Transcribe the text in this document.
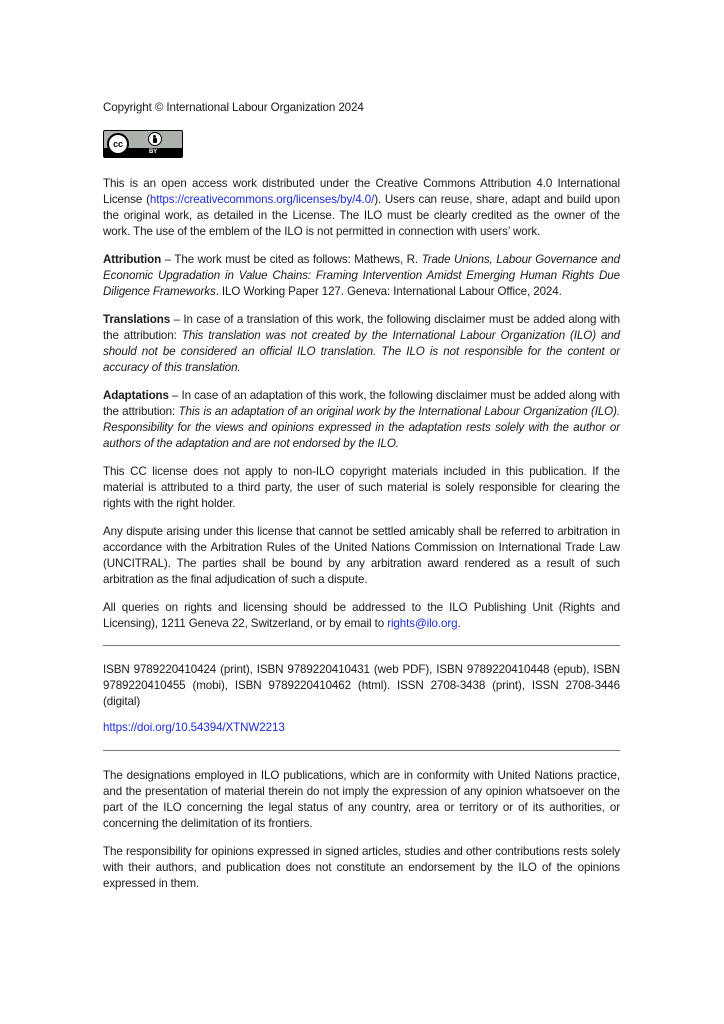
Copyright © International Labour Organization 2024

cc
BY

This is an open access work distributed under the Creative Commons Attribution 4.0 International License (https://creativecommons.org/licenses/by/4.0/). Users can reuse, share, adapt and build upon the original work, as detailed in the License. The ILO must be clearly credited as the owner of the work. The use of the emblem of the ILO is not permitted in connection with users’ work.

Attribution – The work must be cited as follows: Mathews, R. Trade Unions, Labour Governance and Economic Upgradation in Value Chains: Framing Intervention Amidst Emerging Human Rights Due Diligence Frameworks. ILO Working Paper 127. Geneva: International Labour Office, 2024.

Translations – In case of a translation of this work, the following disclaimer must be added along with the attribution: This translation was not created by the International Labour Organization (ILO) and should not be considered an official ILO translation. The ILO is not responsible for the content or accuracy of this translation.

Adaptations – In case of an adaptation of this work, the following disclaimer must be added along with the attribution: This is an adaptation of an original work by the International Labour Organization (ILO). Responsibility for the views and opinions expressed in the adaptation rests solely with the author or authors of the adaptation and are not endorsed by the ILO.

This CC license does not apply to non-ILO copyright materials included in this publication. If the material is attributed to a third party, the user of such material is solely responsible for clearing the rights with the right holder.

Any dispute arising under this license that cannot be settled amicably shall be referred to arbitration in accordance with the Arbitration Rules of the United Nations Commission on International Trade Law (UNCITRAL). The parties shall be bound by any arbitration award rendered as a result of such arbitration as the final adjudication of such a dispute.

All queries on rights and licensing should be addressed to the ILO Publishing Unit (Rights and Licensing), 1211 Geneva 22, Switzerland, or by email to rights@ilo.org.

ISBN 9789220410424 (print), ISBN 9789220410431 (web PDF), ISBN 9789220410448 (epub), ISBN 9789220410455 (mobi), ISBN 9789220410462 (html). ISSN 2708-3438 (print), ISSN 2708-3446 (digital)

https://doi.org/10.54394/XTNW2213

The designations employed in ILO publications, which are in conformity with United Nations practice, and the presentation of material therein do not imply the expression of any opinion whatsoever on the part of the ILO concerning the legal status of any country, area or territory or of its authorities, or concerning the delimitation of its frontiers.

The responsibility for opinions expressed in signed articles, studies and other contributions rests solely with their authors, and publication does not constitute an endorsement by the ILO of the opinions expressed in them.
